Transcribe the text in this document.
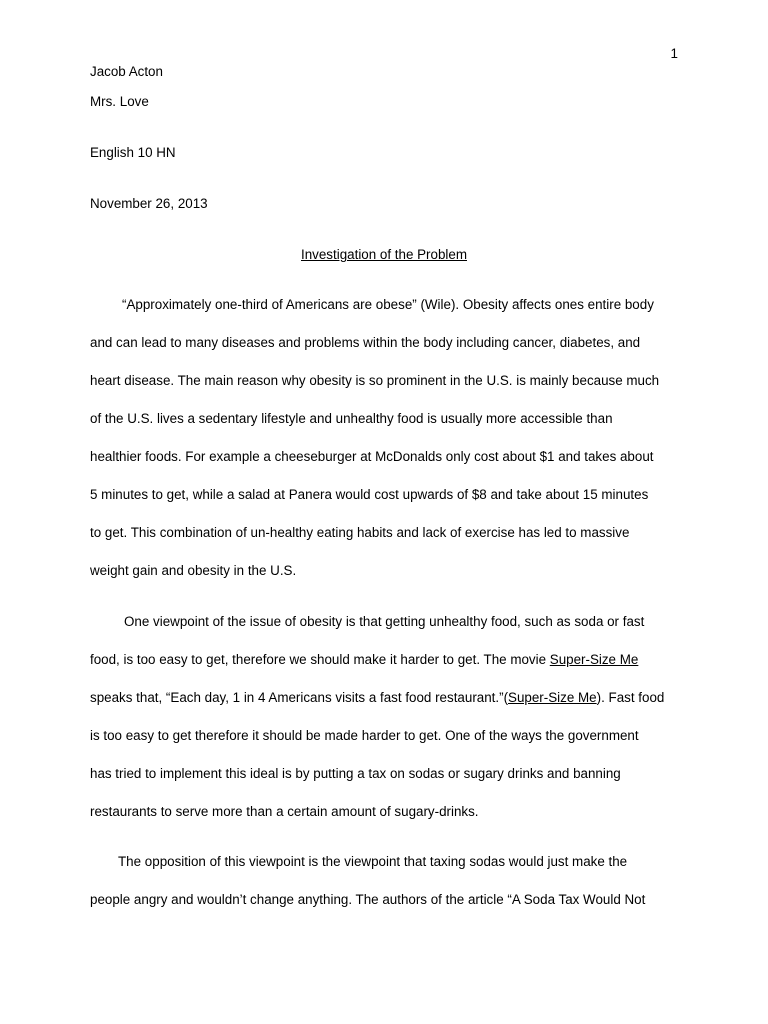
1
Jacob Acton
Mrs. Love
English 10 HN
November 26, 2013
Investigation of the Problem
“Approximately one-third of Americans are obese” (Wile). Obesity affects ones entire body
and can lead to many diseases and problems within the body including cancer, diabetes, and
heart disease. The main reason why obesity is so prominent in the U.S. is mainly because much
of the U.S. lives a sedentary lifestyle and unhealthy food is usually more accessible than
healthier foods. For example a cheeseburger at McDonalds only cost about $1 and takes about
5 minutes to get, while a salad at Panera would cost upwards of $8 and take about 15 minutes
to get. This combination of un-healthy eating habits and lack of exercise has led to massive
weight gain and obesity in the U.S.
One viewpoint of the issue of obesity is that getting unhealthy food, such as soda or fast
food, is too easy to get, therefore we should make it harder to get. The movie Super-Size Me
speaks that, “Each day, 1 in 4 Americans visits a fast food restaurant.”(Super-Size Me). Fast food
is too easy to get therefore it should be made harder to get. One of the ways the government
has tried to implement this ideal is by putting a tax on sodas or sugary drinks and banning
restaurants to serve more than a certain amount of sugary-drinks.
The opposition of this viewpoint is the viewpoint that taxing sodas would just make the
people angry and wouldn’t change anything. The authors of the article “A Soda Tax Would Not
